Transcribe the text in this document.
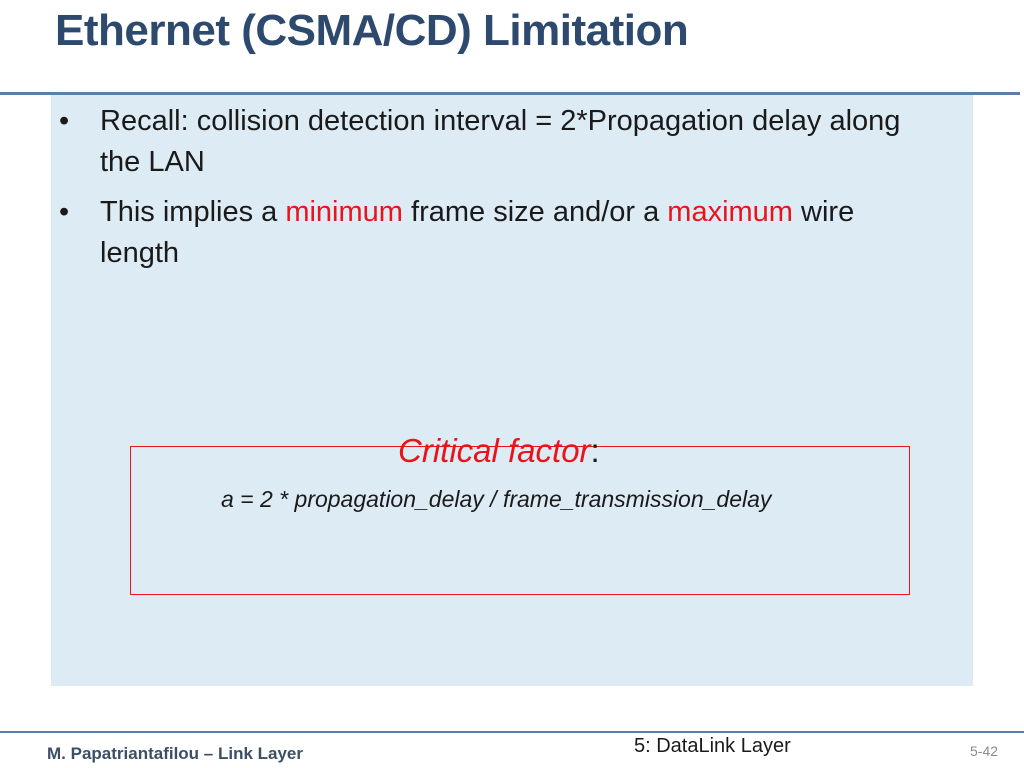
Ethernet (CSMA/CD) Limitation
• Recall: collision detection interval = 2*Propagation delay along the LAN
• This implies a minimum frame size and/or a maximum wire length
Critical factor:
a = 2 * propagation_delay / frame_transmission_delay
M. Papatriantafilou – Link Layer	5: DataLink Layer	5-42
